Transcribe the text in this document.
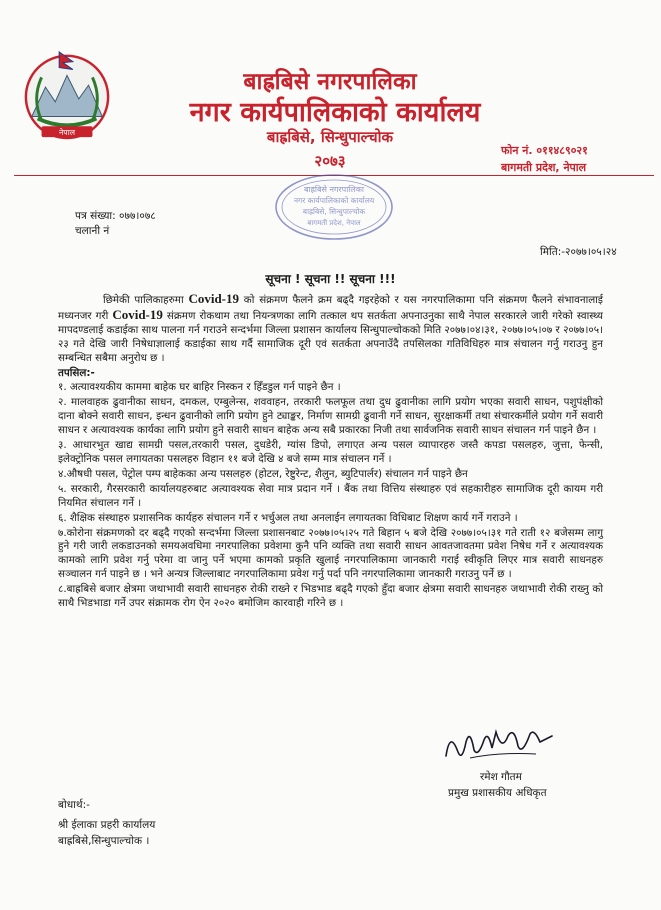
नेपाल
बाह्रबिसे नगरपालिका
नगर कार्यपालिकाको कार्यालय
बाह्रबिसे, सिन्धुपाल्चोक
२०७३
फोन नं. ०११४८९०२१
बागमती प्रदेश, नेपाल
बाह्रबिसे नगरपालिका
नगर कार्यपालिकाको कार्यालय
बाह्रबिसे, सिन्धुपाल्चोक
बागमती प्रदेश, नेपाल
पत्र संख्या: ०७७।०७८
चलानी नं
मिति:-२०७७।०५।२४
सूचना ! सूचना !! सूचना !!!

छिमेकी पालिकाहरुमा Covid-19 को संक्रमण फैलने क्रम बढ्दै गइरहेको र यस नगरपालिकामा पनि संक्रमण फैलने संभावनालाई मध्यनजर गरी Covid-19 संक्रमण रोकथाम तथा नियन्त्रणका लागि तत्काल थप सतर्कता अपनाउनुका साथै नेपाल सरकारले जारी गरेको स्वास्थ्य मापदण्डलाई कडाईका साथ पालना गर्न गराउने सन्दर्भमा जिल्ला प्रशासन कार्यालय सिन्धुपाल्चोकको मिति २०७७।०४।३१, २०७७।०५।०७ र २०७७।०५।२३ गते देखि जारी निषेधाज्ञालाई कडाईका साथ गर्दै सामाजिक दूरी एवं सतर्कता अपनाउँदै तपसिलका गतिविधिहरु मात्र संचालन गर्नु गराउनु हुन सम्बन्धित सबैमा अनुरोध छ ।

तपसिल:-

१. अत्यावश्यकीय काममा बाहेक घर बाहिर निस्कन र हिँडडुल गर्न पाइने छैन ।

२. मालवाहक ढुवानीका साधन, दमकल, एम्बुलेन्स, शववाहन, तरकारी फलफूल तथा दुध ढुवानीका लागि प्रयोग भएका सवारी साधन, पशुपंक्षीको दाना बोक्ने सवारी साधन, इन्धन ढुवानीको लागि प्रयोग हुने ट्याङ्कर, निर्माण सामग्री ढुवानी गर्ने साधन, सुरक्षाकर्मी तथा संचारकर्मीले प्रयोग गर्ने सवारी साधन र अत्यावश्यक कार्यका लागि प्रयोग हुने सवारी साधन बाहेक अन्य सबै प्रकारका निजी तथा सार्वजनिक सवारी साधन संचालन गर्न पाइने छैन ।

३. आधारभुत खाद्य सामग्री पसल,तरकारी पसल, दुधडेरी, ग्यांस डिपो, लगाएत अन्य पसल व्यापारहरु जस्तै कपडा पसलहरु, जुत्ता, फेन्सी, इलेक्ट्रोनिक पसल लगायतका पसलहरु विहान ११ बजे देखि ४ बजे सम्म मात्र संचालन गर्ने ।

४.औषधी पसल, पेट्रोल पम्प बाहेकका अन्य पसलहरु (होटल, रेष्टुरेन्ट, शैलुन, ब्युटिपार्लर) संचालन गर्न पाइने छैन

५. सरकारी, गैरसरकारी कार्यालयहरुबाट अत्यावश्यक सेवा मात्र प्रदान गर्ने । बैंक तथा वित्तिय संस्थाहरु एवं सहकारीहरु सामाजिक दूरी कायम गरी नियमित संचालन गर्ने ।

६. शैक्षिक संस्थाहरु प्रशासनिक कार्यहरु संचालन गर्ने र भर्चुअल तथा अनलाईन लगायतका विधिबाट शिक्षण कार्य गर्ने गराउने ।

७.कोरोना संक्रमणको दर बढ्दै गएको सन्दर्भमा जिल्ला प्रशासनबाट २०७७।०५।२५ गते बिहान ५ बजे देखि २०७७।०५।३१ गते राती १२ बजेसम्म लागु हुने गरी जारी लकडाउनको समयअवधिमा नगरपालिका प्रवेशमा कुनै पनि व्यक्ति तथा सवारी साधन आवतजावतमा प्रवेश निषेध गर्ने र अत्यावश्यक कामको लागि प्रवेश गर्नु परेमा वा जानु पर्ने भएमा कामको प्रकृति खुलाई नगरपालिकामा जानकारी गराई स्वीकृति लिएर मात्र सवारी साधनहरु सञ्चालन गर्न पाइने छ । भने अन्यत्र जिल्लाबाट नगरपालिकामा प्रवेश गर्नु पर्दा पनि नगरपालिकामा जानकारी गराउनु पर्ने छ ।

८.बाह्रबिसे बजार क्षेत्रमा जथाभावी सवारी साधनहरु रोकी राख्ने र भिडभाड बढ्दै गएको हुँदा बजार क्षेत्रमा सवारी साधनहरु जथाभावी रोकी राख्नु को साथै भिडभाडा गर्ने उपर संक्रामक रोग ऐन २०२० बमोजिम कारवाही गरिने छ ।

रमेश गौतम
प्रमुख प्रशासकीय अधिकृत
बोधार्थ:-
श्री ईलाका प्रहरी कार्यालय
बाह्रबिसे,सिन्धुपाल्चोक ।
